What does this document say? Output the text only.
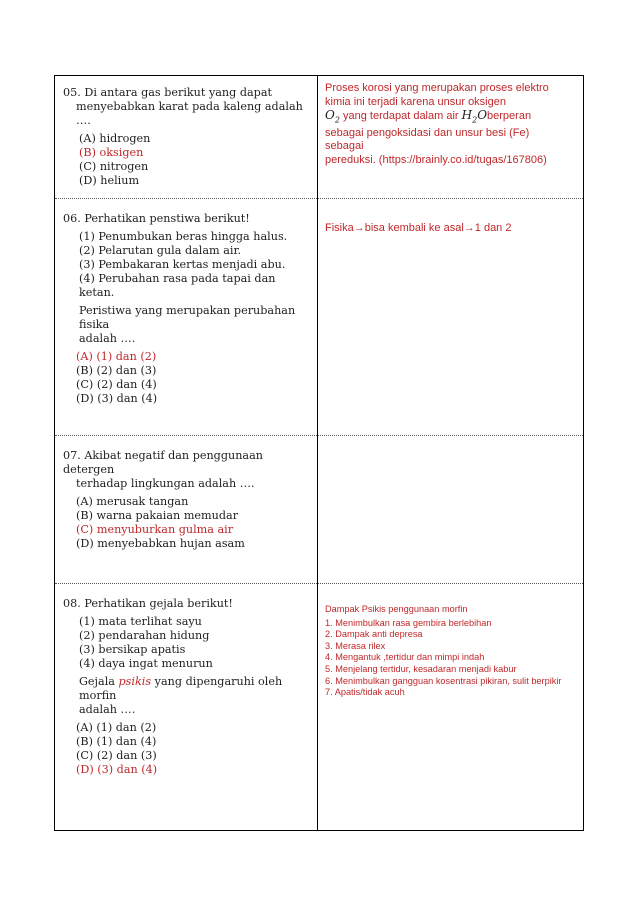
05. Di antara gas berikut yang dapat
menyebabkan karat pada kaleng adalah ….
(A) hidrogen
(B) oksigen
(C) nitrogen
(D) helium
Proses korosi yang merupakan proses elektro
kimia ini terjadi karena unsur oksigen
$O_2$ yang terdapat dalam air $H_2Oberperan$
sebagai pengoksidasi dan unsur besi (Fe)
sebagai
pereduksi. (https://brainly.co.id/tugas/167806)
06. Perhatikan penstiwa berikut!
(1) Penumbukan beras hingga halus.
(2) Pelarutan gula dalam air.
(3) Pembakaran kertas menjadi abu.
(4) Perubahan rasa pada tapai dan ketan.
Peristiwa yang merupakan perubahan fisika
adalah ….
(A) (1) dan (2)
(B) (2) dan (3)
(C) (2) dan (4)
(D) (3) dan (4)
Fisika→bisa kembali ke asal→1 dan 2
07. Akibat negatif dan penggunaan detergen
terhadap lingkungan adalah ….
(A) merusak tangan
(B) warna pakaian memudar
(C) menyuburkan gulma air
(D) menyebabkan hujan asam
08. Perhatikan gejala berikut!
(1) mata terlihat sayu
(2) pendarahan hidung
(3) bersikap apatis
(4) daya ingat menurun
Gejala psikis yang dipengaruhi oleh morfin
adalah ….
(A) (1) dan (2)
(B) (1) dan (4)
(C) (2) dan (3)
(D) (3) dan (4)
Dampak Psikis penggunaan morfin
1. Menimbulkan rasa gembira berlebihan
2. Dampak anti depresa
3. Merasa rilex
4. Mengantuk ,tertidur dan mimpi indah
5. Menjelang tertidur, kesadaran menjadi kabur
6. Menimbulkan gangguan kosentrasi pikiran, sulit berpikir
7. Apatis/tidak acuh
